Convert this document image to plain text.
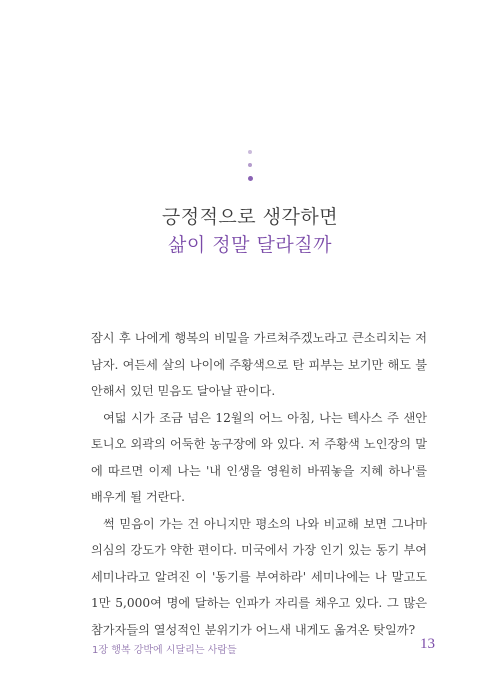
긍정적으로 생각하면
삶이 정말 달라질까

잠시 후 나에게 행복의 비밀을 가르쳐주겠노라고 큰소리치는 저 남자. 여든세 살의 나이에 주황색으로 탄 피부는 보기만 해도 불안해서 있던 믿음도 달아날 판이다.

여덟 시가 조금 넘은 12월의 어느 아침, 나는 텍사스 주 샌안토니오 외곽의 어둑한 농구장에 와 있다. 저 주황색 노인장의 말에 따르면 이제 나는 '내 인생을 영원히 바꿔놓을 지혜 하나'를 배우게 될 거란다.

썩 믿음이 가는 건 아니지만 평소의 나와 비교해 보면 그나마 의심의 강도가 약한 편이다. 미국에서 가장 인기 있는 동기 부여 세미나라고 알려진 이 '동기를 부여하라' 세미나에는 나 말고도 1만 5,000여 명에 달하는 인파가 자리를 채우고 있다. 그 많은 참가자들의 열성적인 분위기가 어느새 내게도 옮겨온 탓일까?

1장 행복 강박에 시달리는 사람들	13
